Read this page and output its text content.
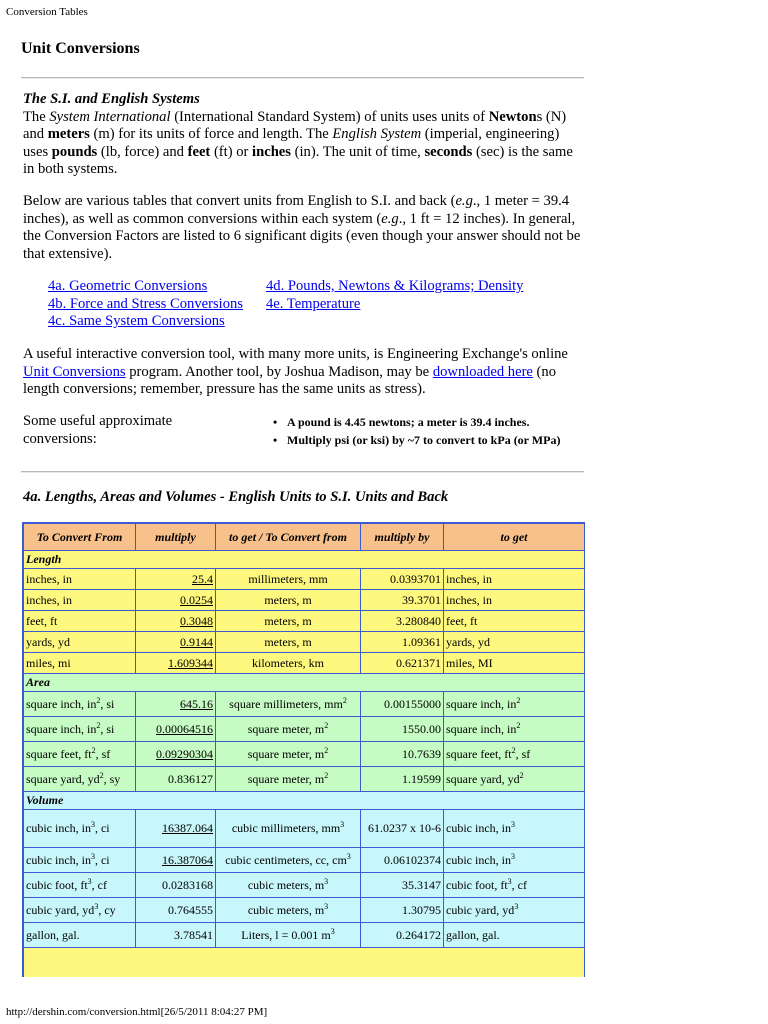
Conversion Tables
Unit Conversions
The S.I. and English Systems
The System International (International Standard System) of units uses units of Newtons (N) and meters (m) for its units of force and length. The English System (imperial, engineering) uses pounds (lb, force) and feet (ft) or inches (in). The unit of time, seconds (sec) is the same in both systems.
Below are various tables that convert units from English to S.I. and back (e.g., 1 meter = 39.4 inches), as well as common conversions within each system (e.g., 1 ft = 12 inches). In general, the Conversion Factors are listed to 6 significant digits (even though your answer should not be that extensive).
4a. Geometric Conversions
4b. Force and Stress Conversions
4c. Same System Conversions
4d. Pounds, Newtons & Kilograms; Density
4e. Temperature
A useful interactive conversion tool, with many more units, is Engineering Exchange's online Unit Conversions program. Another tool, by Joshua Madison, may be downloaded here (no length conversions; remember, pressure has the same units as stress).
Some useful approximate conversions:
• A pound is 4.45 newtons; a meter is 39.4 inches.
• Multiply psi (or ksi) by ~7 to convert to kPa (or MPa)
4a. Lengths, Areas and Volumes - English Units to S.I. Units and Back
To Convert From	multiply	to get / To Convert from	multiply by	to get
Length				
inches, in	25.4	millimeters, mm	0.0393701	inches, in
inches, in	0.0254	meters, m	39.3701	inches, in
feet, ft	0.3048	meters, m	3.280840	feet, ft
yards, yd	0.9144	meters, m	1.09361	yards, yd
miles, mi	1.609344	kilometers, km	0.621371	miles, MI
Area				
square inch, $in^2$, si	645.16	square millimeters, $mm^2$	0.00155000	square inch, $in^2$
square inch, $in^2$, si	0.00064516	square meter, $m^2$	1550.00	square inch, $in^2$
square feet, $ft^2$, sf	0.09290304	square meter, $m^2$	10.7639	square feet, $ft^2$, sf
square yard, $yd^2$, sy	0.836127	square meter, $m^2$	1.19599	square yard, $yd^2$
Volume				
cubic inch, $in^3$, ci	16387.064	cubic millimeters, $mm^3$	61.0237 x 10-6	cubic inch, $in^3$
cubic inch, $in^3$, ci	16.387064	cubic centimeters, cc, $cm^3$	0.06102374	cubic inch, $in^3$
cubic foot, $ft^3$, cf	0.0283168	cubic meters, $m^3$	35.3147	cubic foot, $ft^3$, cf
cubic yard, $yd^3$, cy	0.764555	cubic meters, $m^3$	1.30795	cubic yard, $yd^3$
gallon, gal.	3.78541	Liters, l = 0.001 $m^3$	0.264172	gallon, gal.

http://dershin.com/conversion.html[26/5/2011 8:04:27 PM]
